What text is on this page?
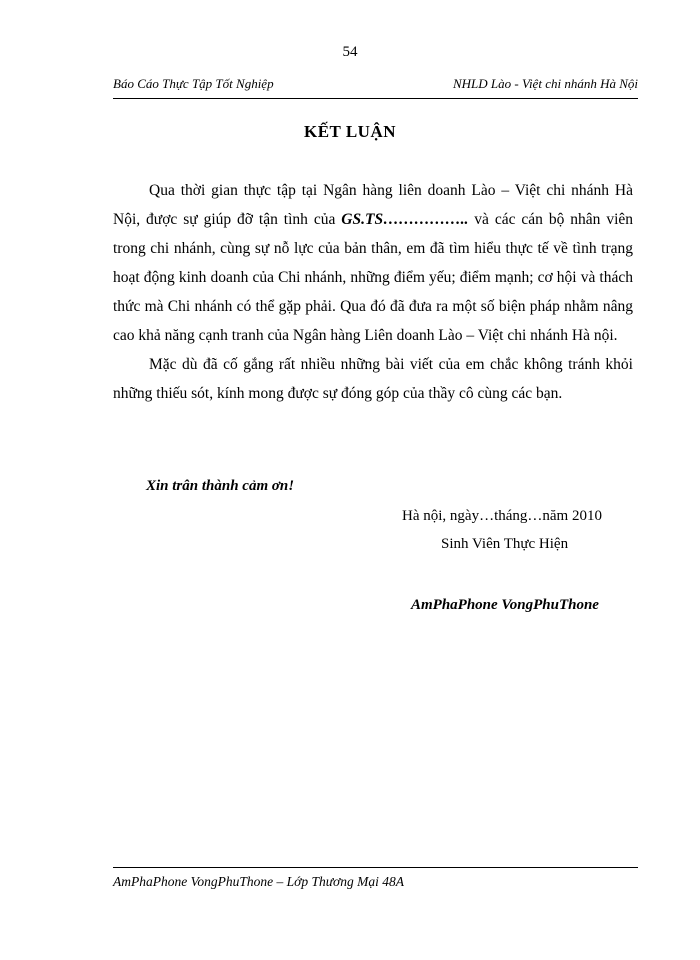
54
Báo Cáo Thực Tập Tốt Nghiệp	NHLD Lào - Việt chi nhánh Hà Nội
KẾT LUẬN

Qua thời gian thực tập tại Ngân hàng liên doanh Lào – Việt chi nhánh Hà Nội, được sự giúp đỡ tận tình của GS.TS…………….. và các cán bộ nhân viên trong chi nhánh, cùng sự nỗ lực của bản thân, em đã tìm hiểu thực tế về tình trạng hoạt động kinh doanh của Chi nhánh, những điểm yếu; điểm mạnh; cơ hội và thách thức mà Chi nhánh có thể gặp phải. Qua đó đã đưa ra một số biện pháp nhằm nâng cao khả năng cạnh tranh của Ngân hàng Liên doanh Lào – Việt chi nhánh Hà nội.

Mặc dù đã cố gắng rất nhiều những bài viết của em chắc không tránh khỏi những thiếu sót, kính mong được sự đóng góp của thầy cô cùng các bạn.

Xin trân thành cảm ơn!
Hà nội, ngày…tháng…năm 2010
Sinh Viên Thực Hiện
AmPhaPhone VongPhuThone
AmPhaPhone VongPhuThone – Lớp Thương Mại 48A
